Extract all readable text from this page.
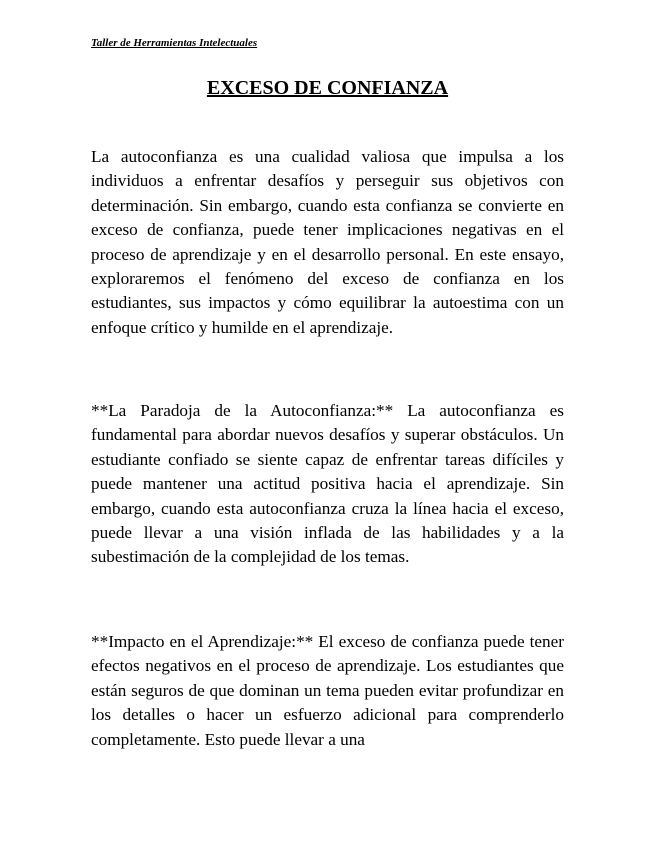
Taller de Herramientas Intelectuales
EXCESO DE CONFIANZA

La autoconfianza es una cualidad valiosa que impulsa a los individuos a enfrentar desafíos y perseguir sus objetivos con determinación. Sin embargo, cuando esta confianza se convierte en exceso de confianza, puede tener implicaciones negativas en el proceso de aprendizaje y en el desarrollo personal. En este ensayo, exploraremos el fenómeno del exceso de confianza en los estudiantes, sus impactos y cómo equilibrar la autoestima con un enfoque crítico y humilde en el aprendizaje.

**La Paradoja de la Autoconfianza:** La autoconfianza es fundamental para abordar nuevos desafíos y superar obstáculos. Un estudiante confiado se siente capaz de enfrentar tareas difíciles y puede mantener una actitud positiva hacia el aprendizaje. Sin embargo, cuando esta autoconfianza cruza la línea hacia el exceso, puede llevar a una visión inflada de las habilidades y a la subestimación de la complejidad de los temas.

**Impacto en el Aprendizaje:** El exceso de confianza puede tener efectos negativos en el proceso de aprendizaje. Los estudiantes que están seguros de que dominan un tema pueden evitar profundizar en los detalles o hacer un esfuerzo adicional para comprenderlo completamente. Esto puede llevar a una
